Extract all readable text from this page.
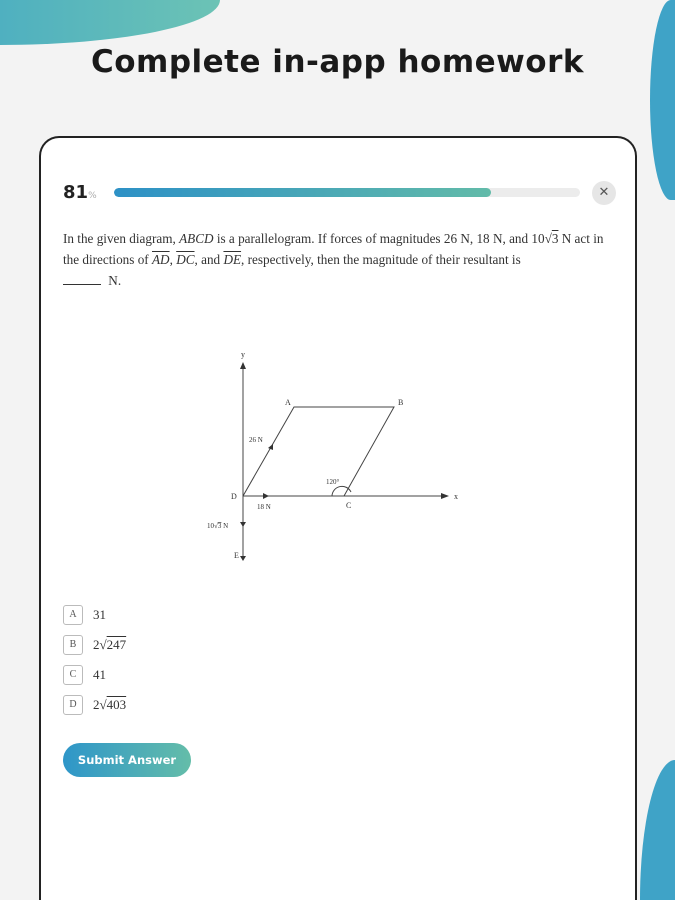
Complete in-app homework
81%	✕
In the given diagram, ABCD is a parallelogram. If forces of magnitudes 26 N, 18 N, and 10√3 N act in the directions of $\overline{AD}$, $\overline{DC}$, and $\overline{DE}$, respectively, then the magnitude of their resultant is
N.
y
x
A	B
C
D
E
26 N
18 N
10√3 N
120°
A	31
B	2√ 247
C	41
D	2√ 403
Submit Answer
